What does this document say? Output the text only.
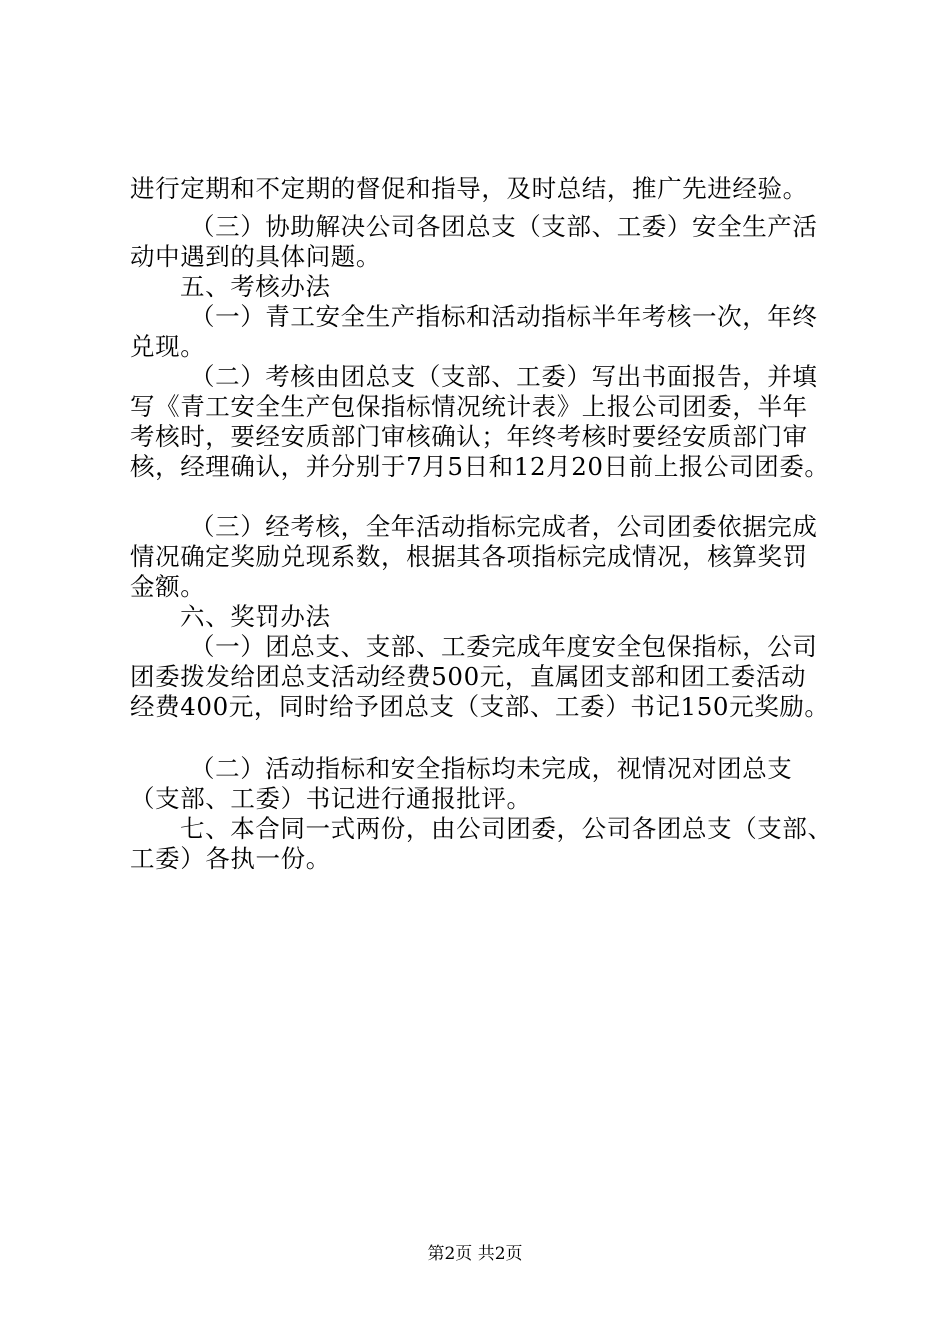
进行定期和不定期的督促和指导，及时总结，推广先进经验。
（三）协助解决公司各团总支（支部、工委）安全生产活
动中遇到的具体问题。
五、考核办法
（一）青工安全生产指标和活动指标半年考核一次，年终
兑现。
（二）考核由团总支（支部、工委）写出书面报告，并填
写《青工安全生产包保指标情况统计表》上报公司团委，半年
考核时，要经安质部门审核确认；年终考核时要经安质部门审
核，经理确认，并分别于7月5日和12月20日前上报公司团委。
（三）经考核，全年活动指标完成者，公司团委依据完成
情况确定奖励兑现系数，根据其各项指标完成情况，核算奖罚
金额。
六、奖罚办法
（一）团总支、支部、工委完成年度安全包保指标，公司
团委拨发给团总支活动经费500元，直属团支部和团工委活动
经费400元，同时给予团总支（支部、工委）书记150元奖励。
（二）活动指标和安全指标均未完成，视情况对团总支
（支部、工委）书记进行通报批评。
七、本合同一式两份，由公司团委，公司各团总支（支部、
工委）各执一份。
第2页 共2页
